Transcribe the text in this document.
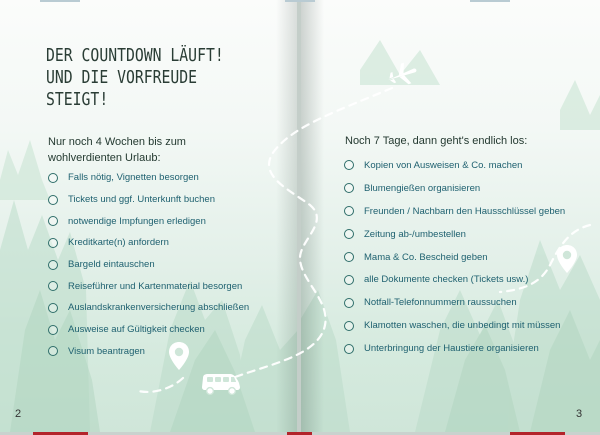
DER COUNTDOWN LÄUFT!
UND DIE VORFREUDE STEIGT!

Nur noch 4 Wochen bis zum wohlverdienten Urlaub:

Falls nötig, Vignetten besorgen
Tickets und ggf. Unterkunft buchen
notwendige Impfungen erledigen
Kreditkarte(n) anfordern
Bargeld eintauschen
Reiseführer und Kartenmaterial besorgen
Auslandskrankenversicherung abschließen
Ausweise auf Gültigkeit checken
Visum beantragen

2

Noch 7 Tage, dann geht's endlich los:

Kopien von Ausweisen & Co. machen
Blumengießen organisieren
Freunden / Nachbarn den Hausschlüssel geben
Zeitung ab-/umbestellen
Mama & Co. Bescheid geben
alle Dokumente checken (Tickets usw.)
Notfall-Telefonnummern raussuchen
Klamotten waschen, die unbedingt mit müssen
Unterbringung der Haustiere organisieren

3
